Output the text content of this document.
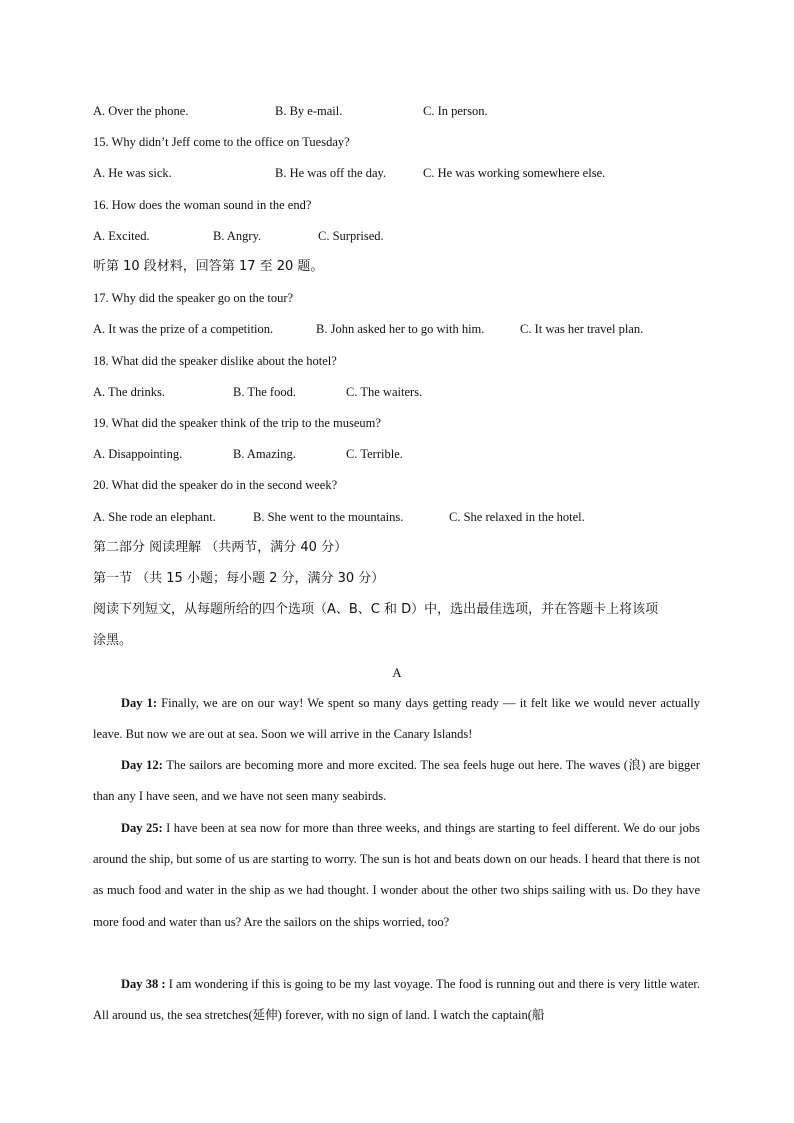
A. Over the phone.	B. By e-mail.	C. In person.
15. Why didn’t Jeff come to the office on Tuesday?
A. He was sick.	B. He was off the day.	C. He was working somewhere else.
16. How does the woman sound in the end?
A. Excited.	B. Angry.	C. Surprised.
听第 10 段材料，回答第 17 至 20 题。
17. Why did the speaker go on the tour?
A. It was the prize of a competition.	B. John asked her to go with him.	C. It was her travel plan.
18. What did the speaker dislike about the hotel?
A. The drinks.	B. The food.	C. The waiters.
19. What did the speaker think of the trip to the museum?
A. Disappointing.	B. Amazing.	C. Terrible.
20. What did the speaker do in the second week?
A. She rode an elephant.	B. She went to the mountains.	C. She relaxed in the hotel.
第二部分 阅读理解 （共两节，满分 40 分）
第一节 （共 15 小题；每小题 2 分，满分 30 分）
阅读下列短文，从每题所给的四个选项（A、B、C 和 D）中，选出最佳选项，并在答题卡上将该项
涂黑。
A
Day 1: Finally, we are on our way! We spent so many days getting ready — it felt like we would never actually leave. But now we are out at sea. Soon we will arrive in the Canary Islands!
Day 12: The sailors are becoming more and more excited. The sea feels huge out here. The waves (浪) are bigger than any I have seen, and we have not seen many seabirds.
Day 25: I have been at sea now for more than three weeks, and things are starting to feel different. We do our jobs around the ship, but some of us are starting to worry. The sun is hot and beats down on our heads. I heard that there is not as much food and water in the ship as we had thought. I wonder about the other two ships sailing with us. Do they have more food and water than us? Are the sailors on the ships worried, too?
Day 38 : I am wondering if this is going to be my last voyage. The food is running out and there is very little water. All around us, the sea stretches(延伸) forever, with no sign of land. I watch the captain(船
